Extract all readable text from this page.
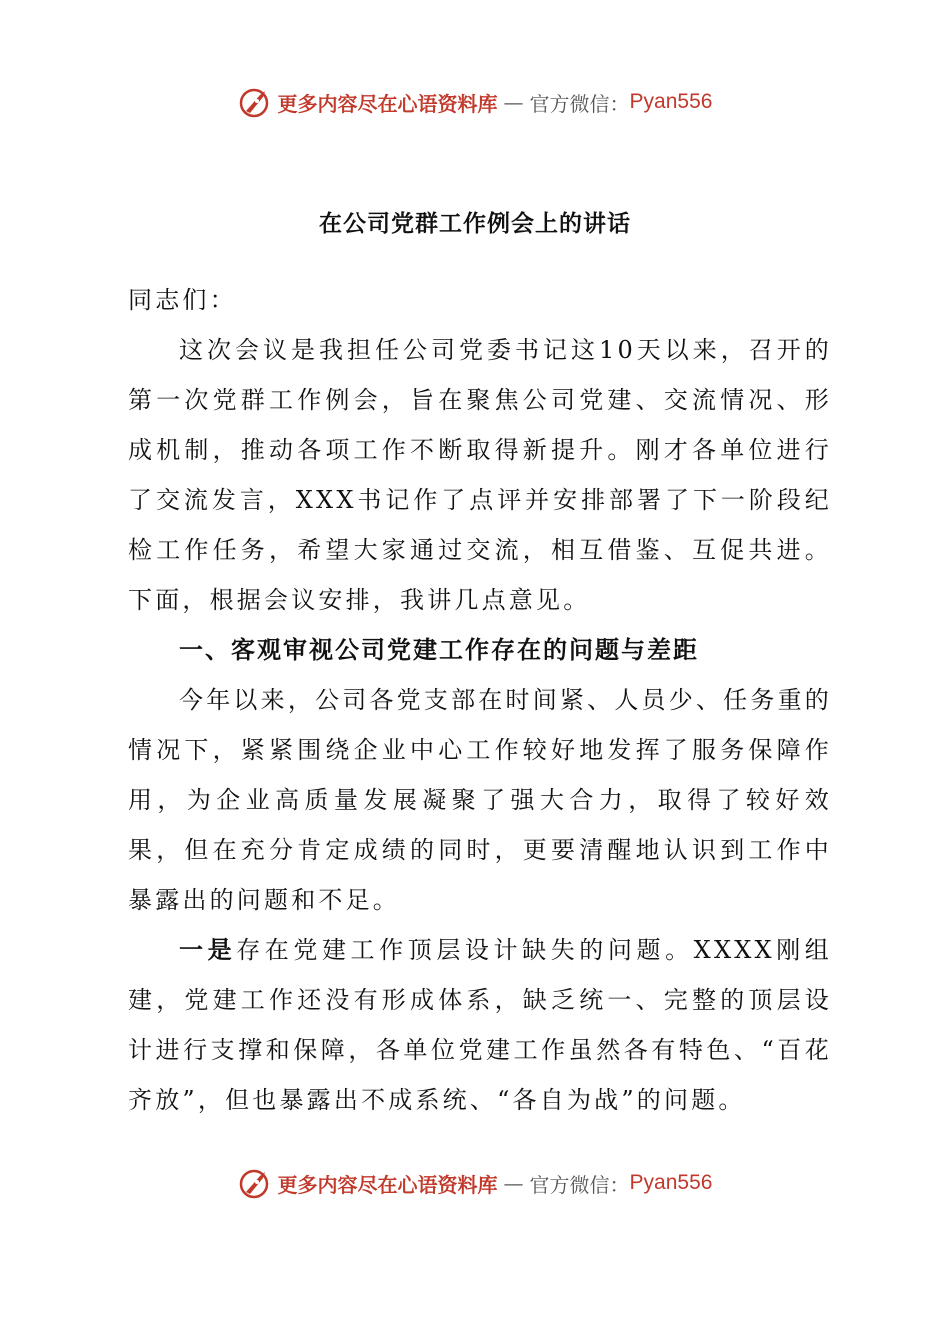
更多内容尽在心语资料库 — 官方微信： Pyan556
在公司党群工作例会上的讲话

同志们：

这次会议是我担任公司党委书记这10天以来，召开的第一次党群工作例会，旨在聚焦公司党建、交流情况、形成机制，推动各项工作不断取得新提升。刚才各单位进行了交流发言，XXX书记作了点评并安排部署了下一阶段纪检工作任务，希望大家通过交流，相互借鉴、互促共进。下面，根据会议安排，我讲几点意见。

一、客观审视公司党建工作存在的问题与差距

今年以来，公司各党支部在时间紧、人员少、任务重的情况下，紧紧围绕企业中心工作较好地发挥了服务保障作用，为企业高质量发展凝聚了强大合力，取得了较好效果，但在充分肯定成绩的同时，更要清醒地认识到工作中暴露出的问题和不足。

一是存在党建工作顶层设计缺失的问题。XXXX刚组建，党建工作还没有形成体系，缺乏统一、完整的顶层设计进行支撑和保障，各单位党建工作虽然各有特色、“百花齐放”，但也暴露出不成系统、“各自为战”的问题。

更多内容尽在心语资料库 — 官方微信： Pyan556
